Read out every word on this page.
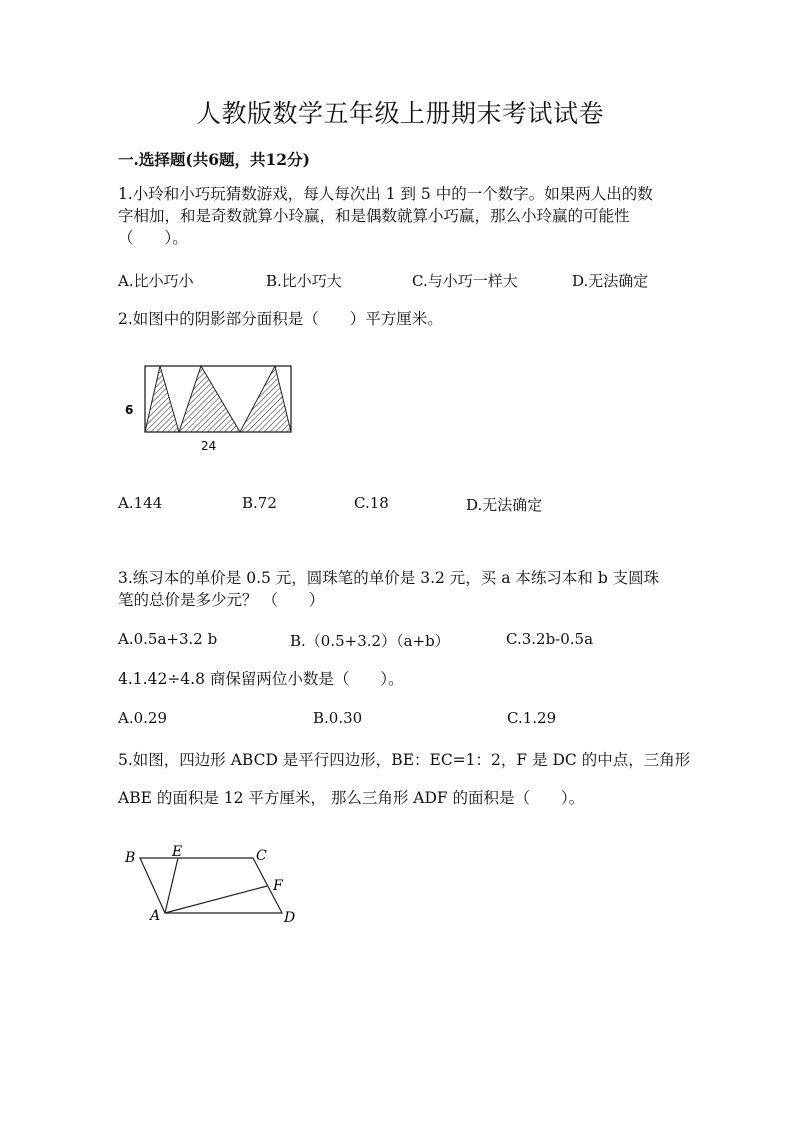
人教版数学五年级上册期末考试试卷
一.选择题(共6题，共12分)
1.小玲和小巧玩猜数游戏，每人每次出 1 到 5 中的一个数字。如果两人出的数
字相加，和是奇数就算小玲赢，和是偶数就算小巧赢，那么小玲赢的可能性
（　　）。
A.比小巧小	B.比小巧大	C.与小巧一样大	D.无法确定
2.如图中的阴影部分面积是（　　）平方厘米。
6
24
A.144	B.72	C.18	D.无法确定
3.练习本的单价是 0.5 元，圆珠笔的单价是 3.2 元，买 a 本练习本和 b 支圆珠
笔的总价是多少元？ （　　）
A.0.5a+3.2 b	B.（0.5+3.2）（a+b）	C.3.2b-0.5a
4.1.42÷4.8 商保留两位小数是（　　）。
A.0.29	B.0.30	C.1.29
5.如图，四边形 ABCD 是平行四边形，BE：EC=1：2，F 是 DC 的中点，三角形
ABE 的面积是 12 平方厘米， 那么三角形 ADF 的面积是（　　）。
B	E	C
F
A	D
